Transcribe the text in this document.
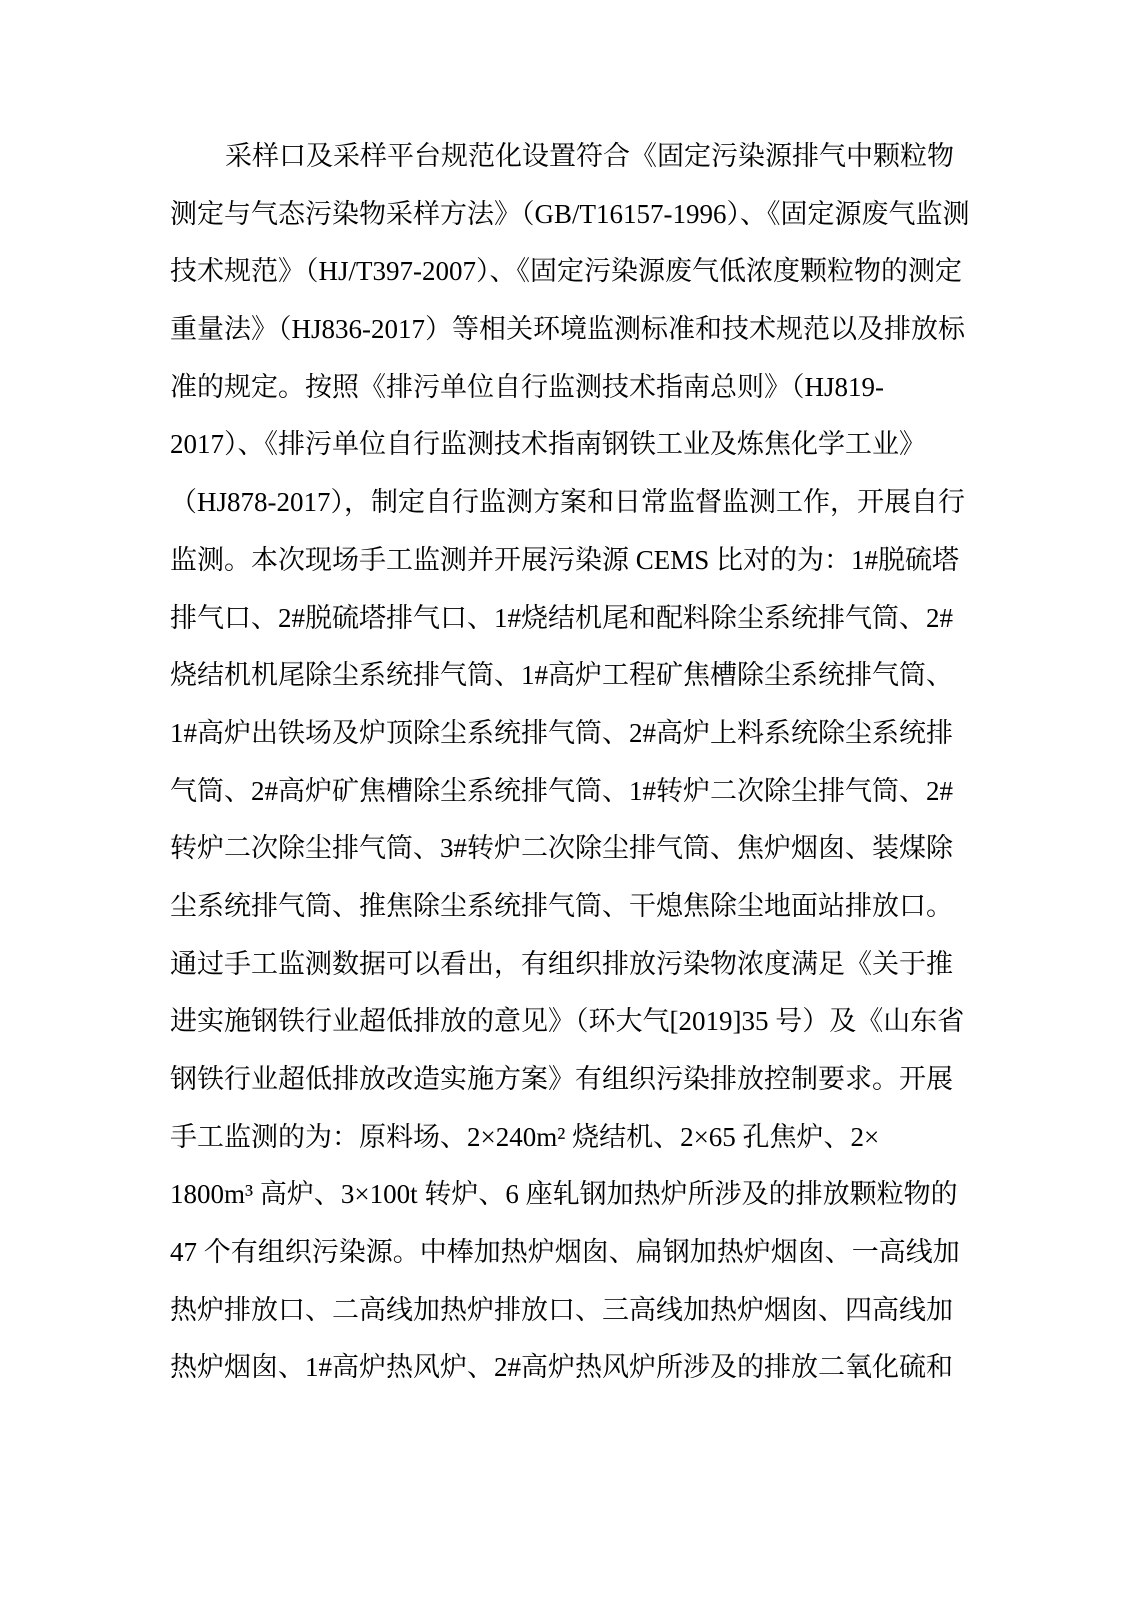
采样口及采样平台规范化设置符合《固定污染源排气中颗粒物
测定与气态污染物采样方法》（GB/T16157-1996）、《固定源废气监测
技术规范》（HJ/T397-2007）、《固定污染源废气低浓度颗粒物的测定
重量法》（HJ836-2017）等相关环境监测标准和技术规范以及排放标
准的规定。按照《排污单位自行监测技术指南总则》（HJ819-
2017）、《排污单位自行监测技术指南钢铁工业及炼焦化学工业》
（HJ878-2017），制定自行监测方案和日常监督监测工作，开展自行
监测。本次现场手工监测并开展污染源 CEMS 比对的为：1#脱硫塔
排气口、2#脱硫塔排气口、1#烧结机尾和配料除尘系统排气筒、2#
烧结机机尾除尘系统排气筒、1#高炉工程矿焦槽除尘系统排气筒、
1#高炉出铁场及炉顶除尘系统排气筒、2#高炉上料系统除尘系统排
气筒、2#高炉矿焦槽除尘系统排气筒、1#转炉二次除尘排气筒、2#
转炉二次除尘排气筒、3#转炉二次除尘排气筒、焦炉烟囱、装煤除
尘系统排气筒、推焦除尘系统排气筒、干熄焦除尘地面站排放口。
通过手工监测数据可以看出，有组织排放污染物浓度满足《关于推
进实施钢铁行业超低排放的意见》（环大气[2019]35 号）及《山东省
钢铁行业超低排放改造实施方案》有组织污染排放控制要求。开展
手工监测的为：原料场、2×240m² 烧结机、2×65 孔焦炉、2×
1800m³ 高炉、3×100t 转炉、6 座轧钢加热炉所涉及的排放颗粒物的
47 个有组织污染源。中棒加热炉烟囱、扁钢加热炉烟囱、一高线加
热炉排放口、二高线加热炉排放口、三高线加热炉烟囱、四高线加
热炉烟囱、1#高炉热风炉、2#高炉热风炉所涉及的排放二氧化硫和
